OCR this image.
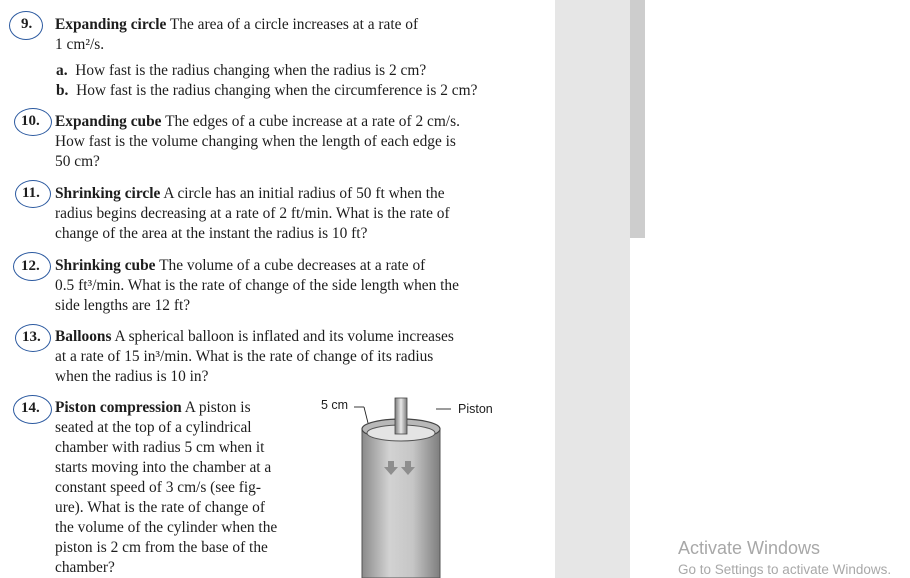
9. Expanding circle The area of a circle increases at a rate of
1 cm²/s.
a. How fast is the radius changing when the radius is 2 cm?
b. How fast is the radius changing when the circumference is 2 cm?
10. Expanding cube The edges of a cube increase at a rate of 2 cm/s.
How fast is the volume changing when the length of each edge is
50 cm?
11. Shrinking circle A circle has an initial radius of 50 ft when the
radius begins decreasing at a rate of 2 ft/min. What is the rate of
change of the area at the instant the radius is 10 ft?
12. Shrinking cube The volume of a cube decreases at a rate of
0.5 ft³/min. What is the rate of change of the side length when the
side lengths are 12 ft?
13. Balloons A spherical balloon is inflated and its volume increases
at a rate of 15 in³/min. What is the rate of change of its radius
when the radius is 10 in?
14. Piston compression A piston is
seated at the top of a cylindrical
chamber with radius 5 cm when it
starts moving into the chamber at a
constant speed of 3 cm/s (see fig-
ure). What is the rate of change of
the volume of the cylinder when the
piston is 2 cm from the base of the
chamber?
5 cm	Piston
Activate Windows
Go to Settings to activate Windows.
